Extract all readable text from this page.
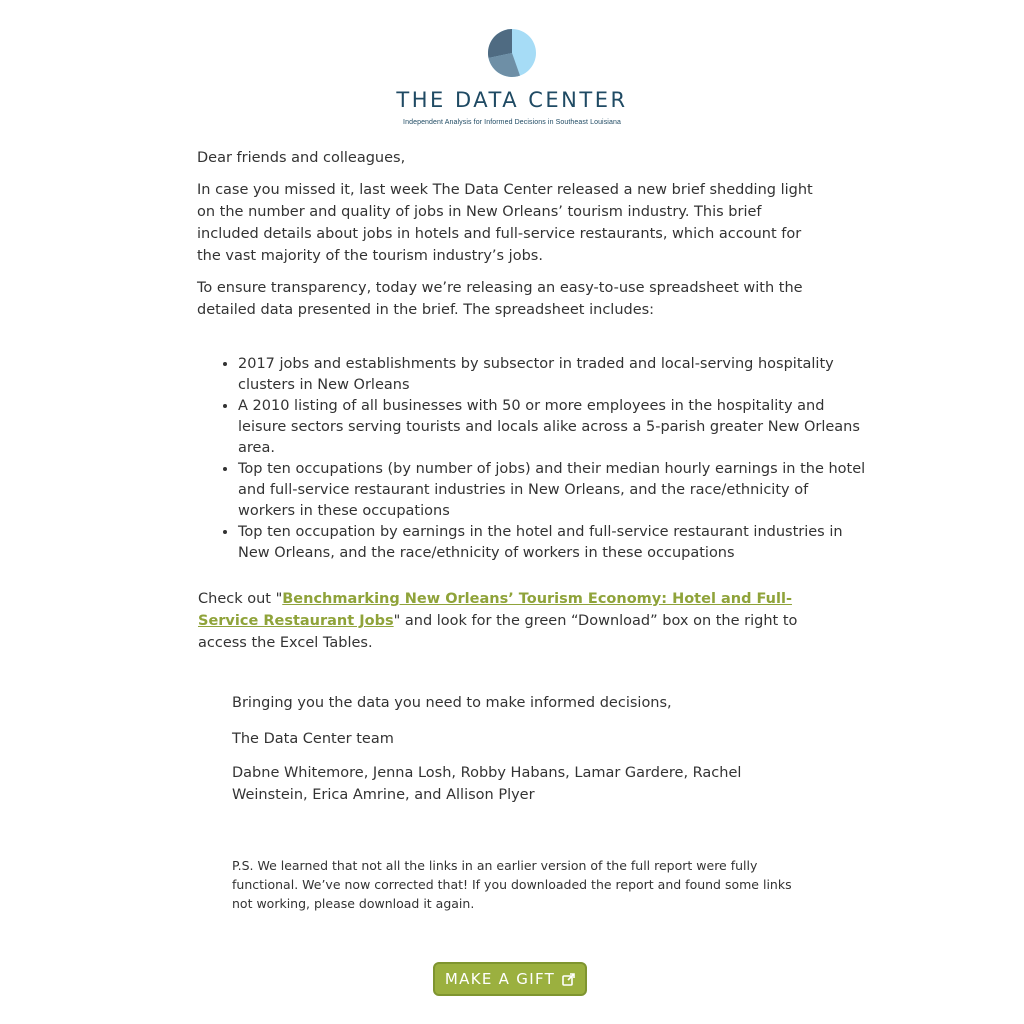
THE DATA CENTER
Independent Analysis for Informed Decisions in Southeast Louisiana

Dear friends and colleagues,

In case you missed it, last week The Data Center released a new brief shedding light on the number and quality of jobs in New Orleans’ tourism industry. This brief included details about jobs in hotels and full-service restaurants, which account for the vast majority of the tourism industry’s jobs.

To ensure transparency, today we’re releasing an easy-to-use spreadsheet with the detailed data presented in the brief. The spreadsheet includes:

• 2017 jobs and establishments by subsector in traded and local-serving hospitality clusters in New Orleans
• A 2010 listing of all businesses with 50 or more employees in the hospitality and leisure sectors serving tourists and locals alike across a 5-parish greater New Orleans area.
• Top ten occupations (by number of jobs) and their median hourly earnings in the hotel and full-service restaurant industries in New Orleans, and the race/ethnicity of workers in these occupations
• Top ten occupation by earnings in the hotel and full-service restaurant industries in New Orleans, and the race/ethnicity of workers in these occupations

Check out "Benchmarking New Orleans’ Tourism Economy: Hotel and Full-Service Restaurant Jobs" and look for the green “Download” box on the right to access the Excel Tables.

Bringing you the data you need to make informed decisions,

The Data Center team

Dabne Whitemore, Jenna Losh, Robby Habans, Lamar Gardere, Rachel Weinstein, Erica Amrine, and Allison Plyer

P.S. We learned that not all the links in an earlier version of the full report were fully functional. We’ve now corrected that! If you downloaded the report and found some links not working, please download it again.

MAKE A GIFT
